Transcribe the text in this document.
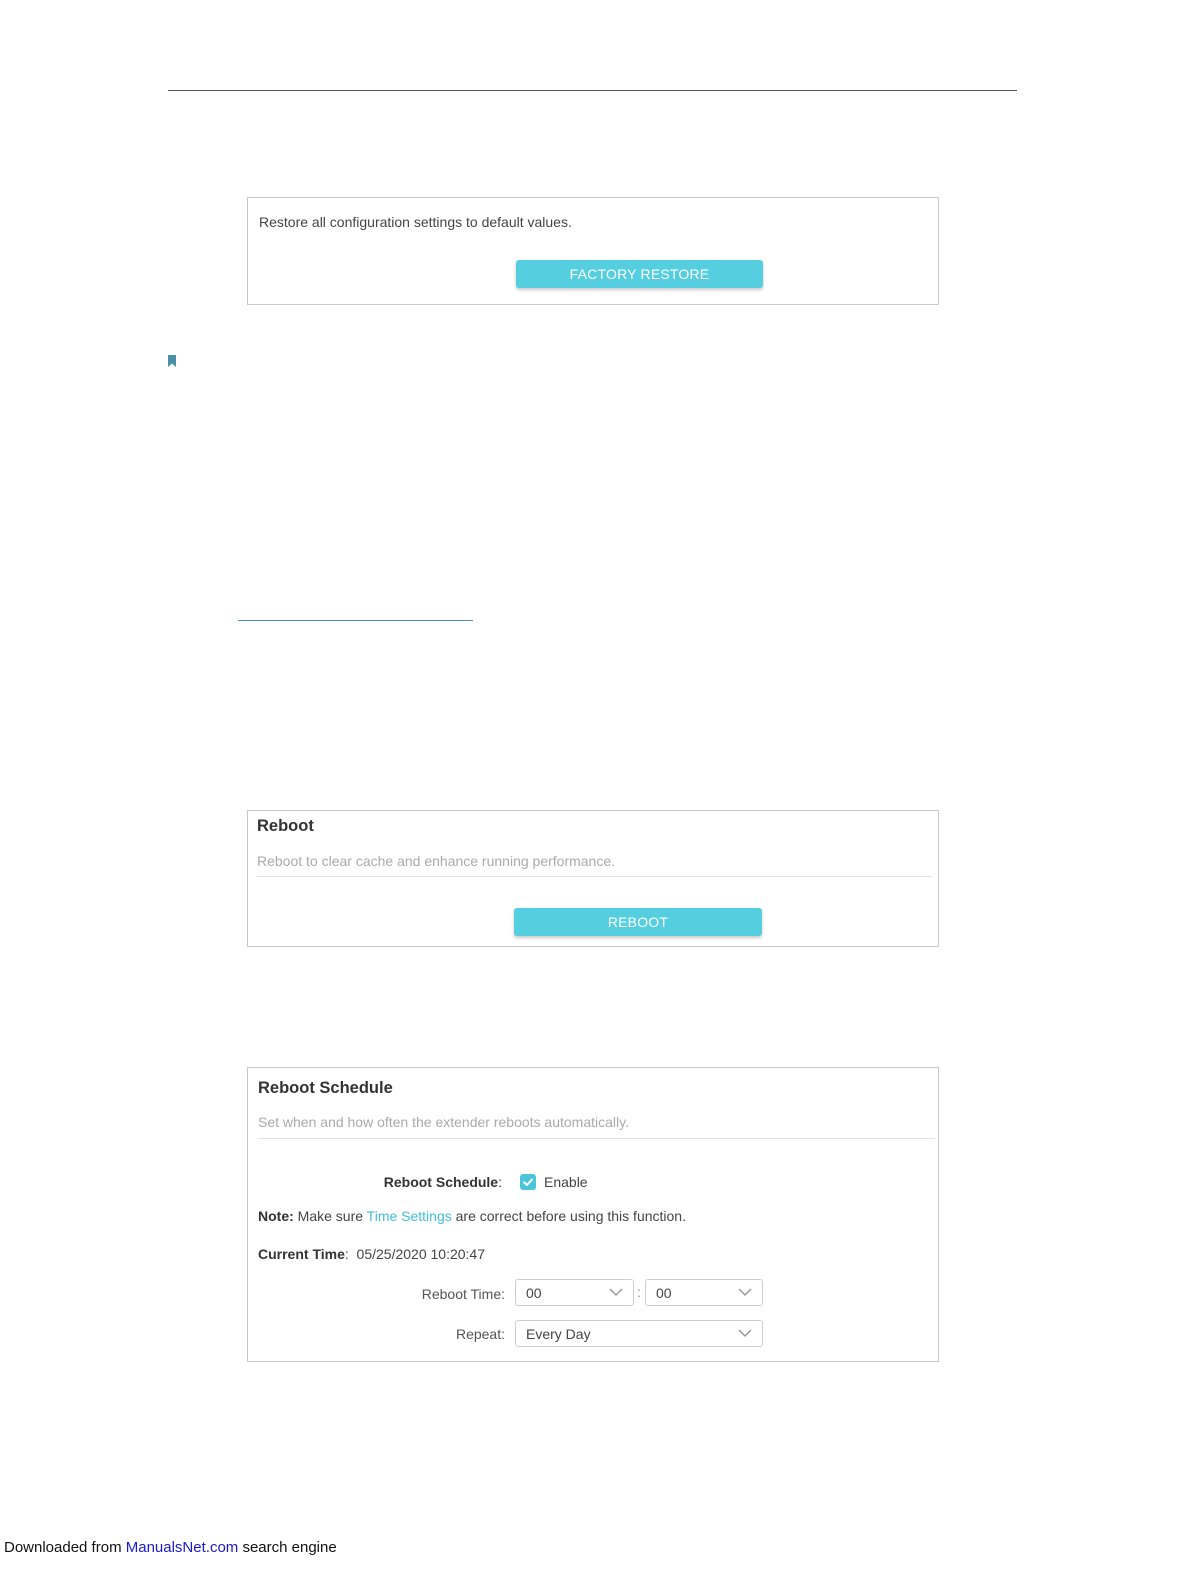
Restore all configuration settings to default values.
FACTORY RESTORE
Reboot
Reboot to clear cache and enhance running performance.
REBOOT
Reboot Schedule
Set when and how often the extender reboots automatically.
Reboot Schedule:	Enable
Note: Make sure Time Settings are correct before using this function.
Current Time: 05/25/2020 10:20:47
Reboot Time: 00	: 00
Repeat: Every Day
Downloaded from ManualsNet.com search engine
